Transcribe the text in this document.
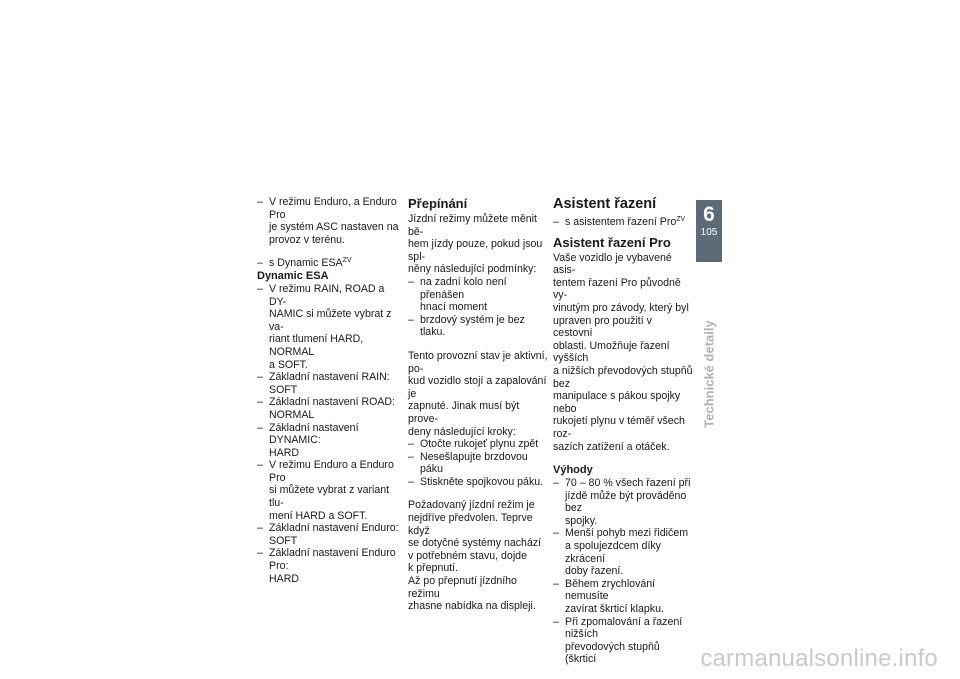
– V režimu Enduro, a Enduro Pro
je systém ASC nastaven na
provoz v terénu.
– s Dynamic $ESA^{ZV}$
Dynamic ESA
– V režimu RAIN, ROAD a DY-
NAMIC si můžete vybrat z va-
riant tlumení HARD, NORMAL
a SOFT.
– Základní nastavení RAIN: SOFT
– Základní nastavení ROAD:
NORMAL
– Základní nastavení DYNAMIC:
HARD
– V režimu Enduro a Enduro Pro
si můžete vybrat z variant tlu-
mení HARD a SOFT.
– Základní nastavení Enduro:
SOFT
– Základní nastavení Enduro Pro:
HARD
Přepínání
Jízdní režimy můžete měnit bě-
hem jízdy pouze, pokud jsou spl-
něny následující podmínky:
– na zadní kolo není přenášen
hnací moment
– brzdový systém je bez tlaku.
Tento provozní stav je aktivní, po-
kud vozidlo stojí a zapalování je
zapnuté. Jinak musí být prove-
deny následující kroky:
– Otočte rukojeť plynu zpět
– Nesešlapujte brzdovou páku
– Stiskněte spojkovou páku.
Požadovaný jízdní režim je
nejdříve předvolen. Teprve když
se dotyčné systémy nachází
v potřebném stavu, dojde
k přepnutí.
Až po přepnutí jízdního režimu
zhasne nabídka na displeji.
Asistent řazení
– s asistentem řazení Pro$^{ZV}$
Asistent řazení Pro
Vaše vozidlo je vybavené asis-
tentem řazení Pro původně vy-
vinutým pro závody, který byl
upraven pro použití v cestovní
oblasti. Umožňuje řazení vyšších
a nižších převodových stupňů bez
manipulace s pákou spojky nebo
rukojetí plynu v téměř všech roz-
sazích zatížení a otáček.
Výhody
– 70 – 80 % všech řazení při
jízdě může být prováděno bez
spojky.
– Menší pohyb mezi řidičem
a spolujezdcem díky zkrácení
doby řazení.
– Během zrychlování nemusíte
zavírat škrticí klapku.
– Při zpomalování a řazení nižších
převodových stupňů (škrticí
6
105
Technické detaily
carmanualsonline.info
